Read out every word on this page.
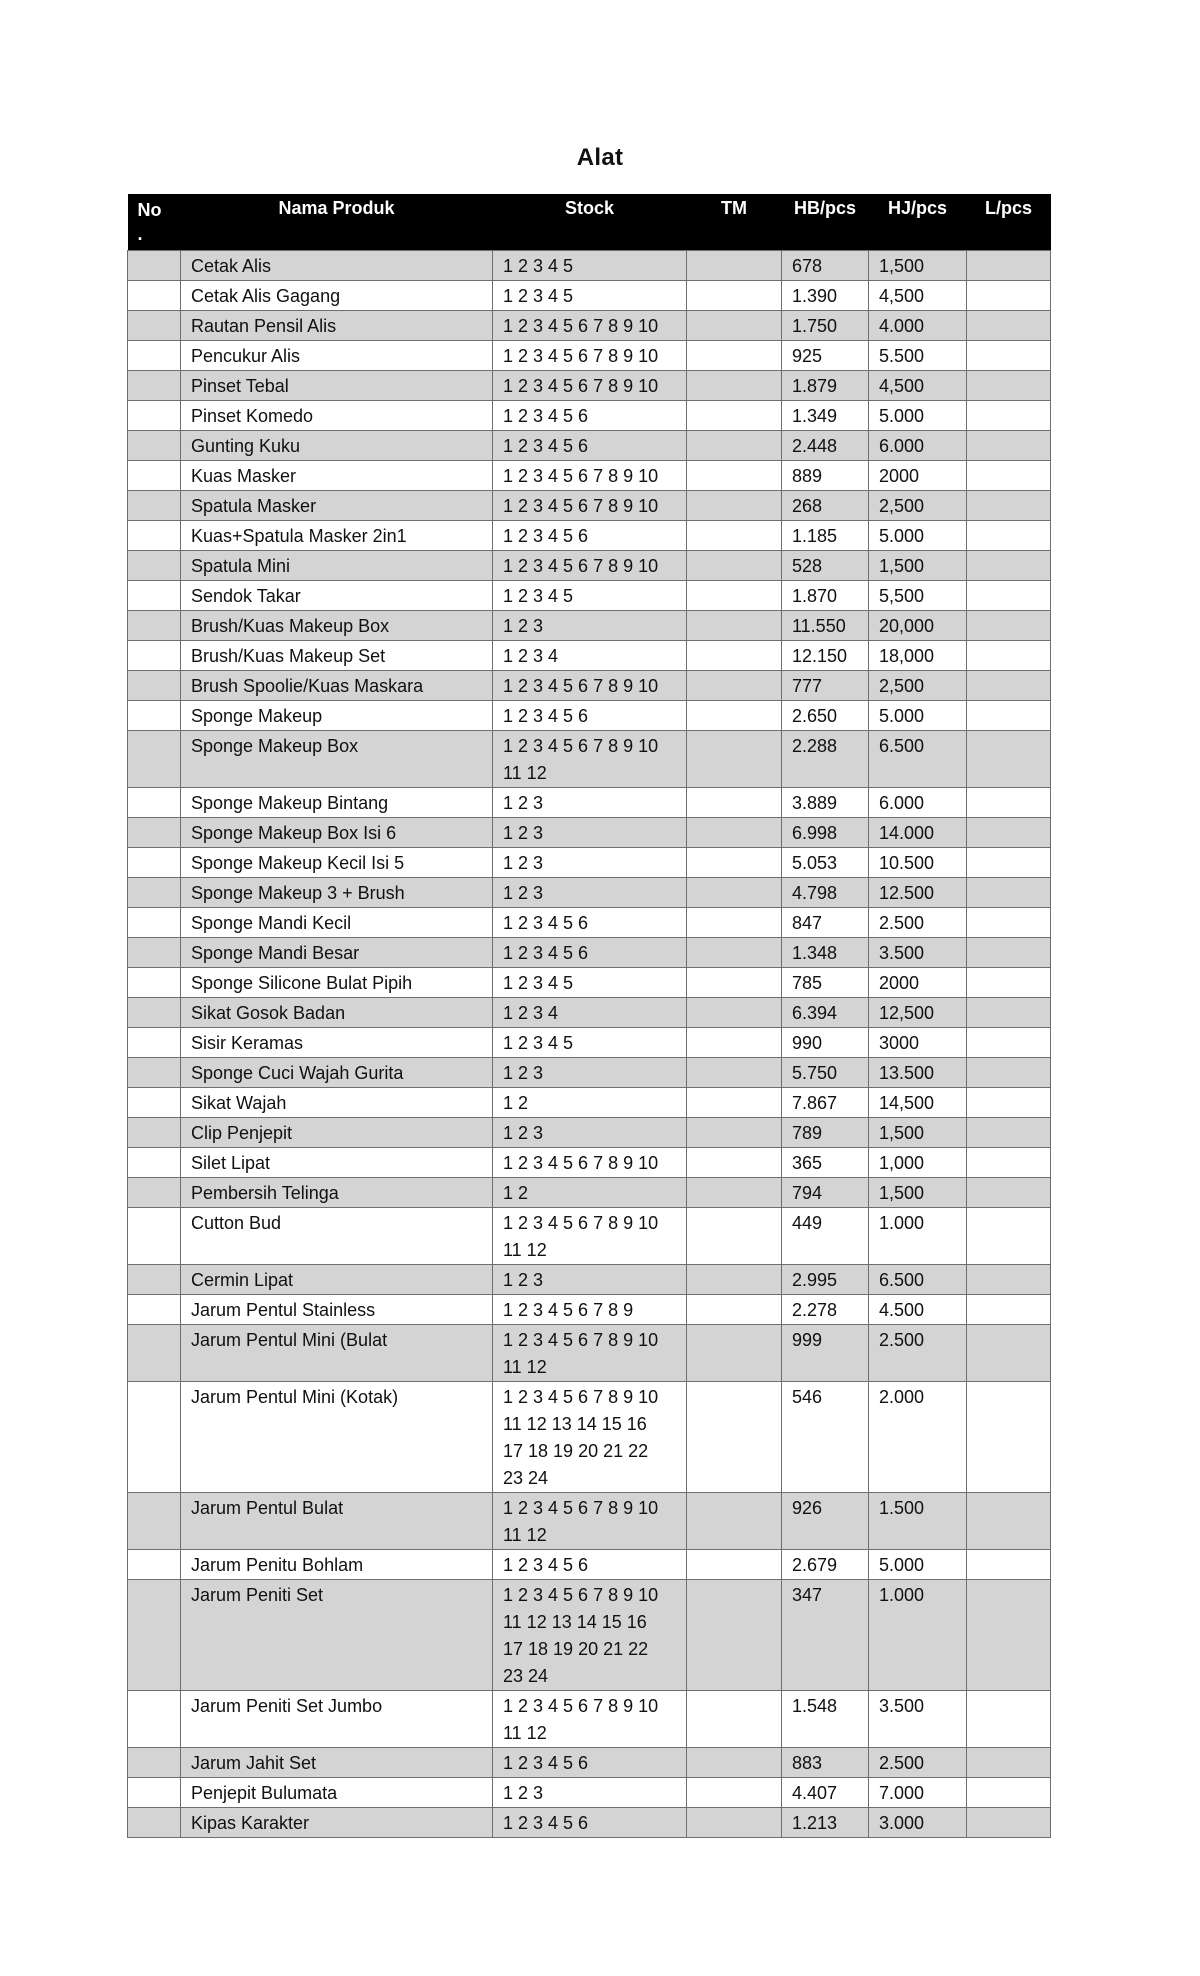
Alat
No
.	Nama Produk	Stock	TM	HB/pcs	HJ/pcs	L/pcs
	Cetak Alis	1 2 3 4 5		678	1,500	
	Cetak Alis Gagang	1 2 3 4 5		1.390	4,500	
	Rautan Pensil Alis	1 2 3 4 5 6 7 8 9 10		1.750	4.000	
	Pencukur Alis	1 2 3 4 5 6 7 8 9 10		925	5.500	
	Pinset Tebal	1 2 3 4 5 6 7 8 9 10		1.879	4,500	
	Pinset Komedo	1 2 3 4 5 6		1.349	5.000	
	Gunting Kuku	1 2 3 4 5 6		2.448	6.000	
	Kuas Masker	1 2 3 4 5 6 7 8 9 10		889	2000	
	Spatula Masker	1 2 3 4 5 6 7 8 9 10		268	2,500	
	Kuas+Spatula Masker 2in1	1 2 3 4 5 6		1.185	5.000	
	Spatula Mini	1 2 3 4 5 6 7 8 9 10		528	1,500	
	Sendok Takar	1 2 3 4 5		1.870	5,500	
	Brush/Kuas Makeup Box	1 2 3		11.550	20,000	
	Brush/Kuas Makeup Set	1 2 3 4		12.150	18,000	
	Brush Spoolie/Kuas Maskara	1 2 3 4 5 6 7 8 9 10		777	2,500	
	Sponge Makeup	1 2 3 4 5 6		2.650	5.000	
	Sponge Makeup Box	1 2 3 4 5 6 7 8 9 10
11 12		2.288	6.500	
	Sponge Makeup Bintang	1 2 3		3.889	6.000	
	Sponge Makeup Box Isi 6	1 2 3		6.998	14.000	
	Sponge Makeup Kecil Isi 5	1 2 3		5.053	10.500	
	Sponge Makeup 3 + Brush	1 2 3		4.798	12.500	
	Sponge Mandi Kecil	1 2 3 4 5 6		847	2.500	
	Sponge Mandi Besar	1 2 3 4 5 6		1.348	3.500	
	Sponge Silicone Bulat Pipih	1 2 3 4 5		785	2000	
	Sikat Gosok Badan	1 2 3 4		6.394	12,500	
	Sisir Keramas	1 2 3 4 5		990	3000	
	Sponge Cuci Wajah Gurita	1 2 3		5.750	13.500	
	Sikat Wajah	1 2		7.867	14,500	
	Clip Penjepit	1 2 3		789	1,500	
	Silet Lipat	1 2 3 4 5 6 7 8 9 10		365	1,000	
	Pembersih Telinga	1 2		794	1,500	
	Cutton Bud	1 2 3 4 5 6 7 8 9 10
11 12		449	1.000	
	Cermin Lipat	1 2 3		2.995	6.500	
	Jarum Pentul Stainless	1 2 3 4 5 6 7 8 9		2.278	4.500	
	Jarum Pentul Mini (Bulat	1 2 3 4 5 6 7 8 9 10
11 12		999	2.500	
	Jarum Pentul Mini (Kotak)	1 2 3 4 5 6 7 8 9 10
11 12 13 14 15 16
17 18 19 20 21 22
23 24		546	2.000	
	Jarum Pentul Bulat	1 2 3 4 5 6 7 8 9 10
11 12		926	1.500	
	Jarum Penitu Bohlam	1 2 3 4 5 6		2.679	5.000	
	Jarum Peniti Set	1 2 3 4 5 6 7 8 9 10
11 12 13 14 15 16
17 18 19 20 21 22
23 24		347	1.000	
	Jarum Peniti Set Jumbo	1 2 3 4 5 6 7 8 9 10
11 12		1.548	3.500	
	Jarum Jahit Set	1 2 3 4 5 6		883	2.500	
	Penjepit Bulumata	1 2 3		4.407	7.000	
	Kipas Karakter	1 2 3 4 5 6		1.213	3.000	
